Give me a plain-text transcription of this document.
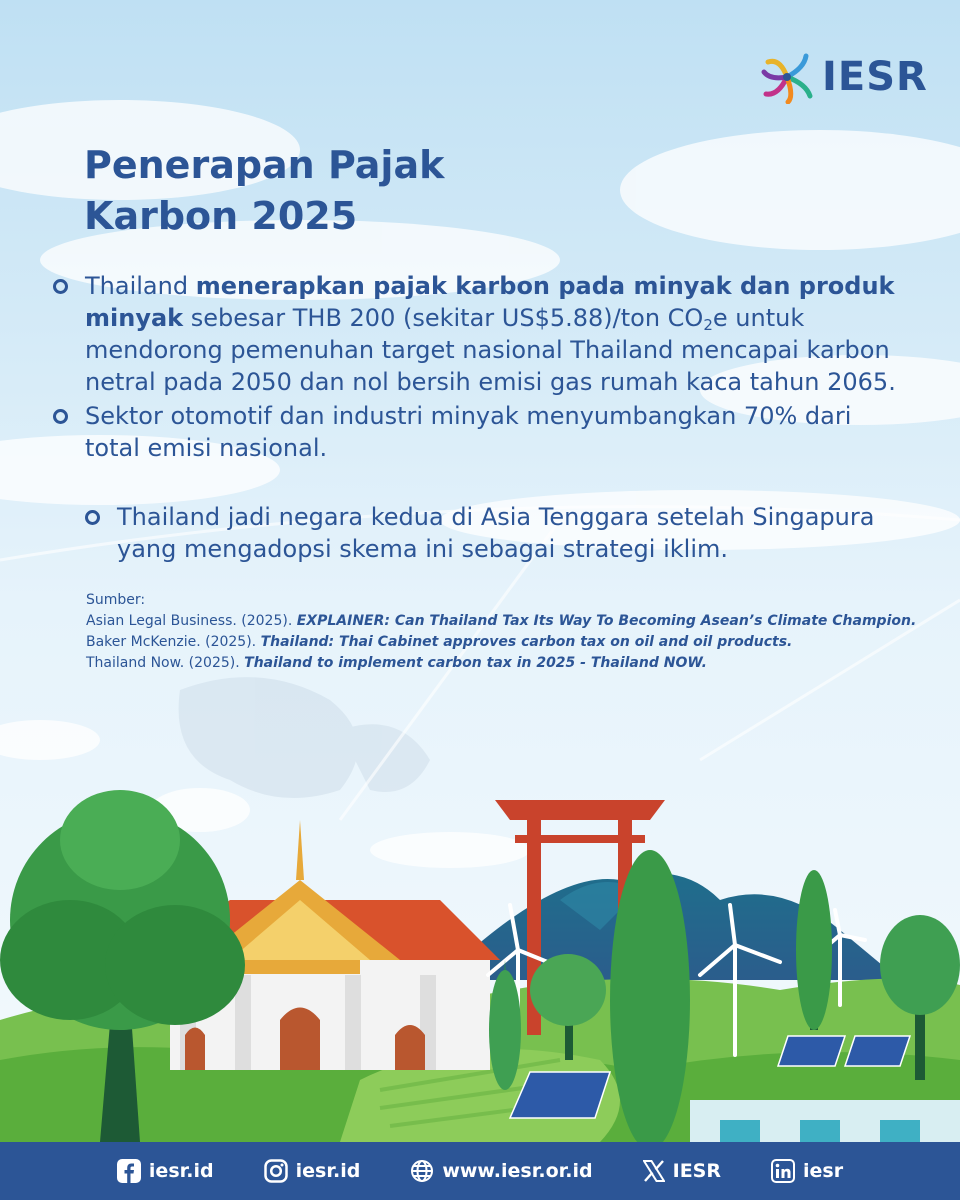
IESR
Penerapan Pajak
Karbon 2025
Thailand menerapkan pajak karbon pada minyak dan produk minyak sebesar THB 200 (sekitar US$5.88)/ton $CO_2e$ untuk mendorong pemenuhan target nasional Thailand mencapai karbon netral pada 2050 dan nol bersih emisi gas rumah kaca tahun 2065.
Sektor otomotif dan industri minyak menyumbangkan 70% dari total emisi nasional.
Thailand jadi negara kedua di Asia Tenggara setelah Singapura yang mengadopsi skema ini sebagai strategi iklim.
Sumber:
Asian Legal Business. (2025). EXPLAINER: Can Thailand Tax Its Way To Becoming Asean’s Climate Champion.
Baker McKenzie. (2025). Thailand: Thai Cabinet approves carbon tax on oil and oil products.
Thailand Now. (2025). Thailand to implement carbon tax in 2025 - Thailand NOW.
iesr.id	iesr.id	www.iesr.or.id	IESR	iesr
